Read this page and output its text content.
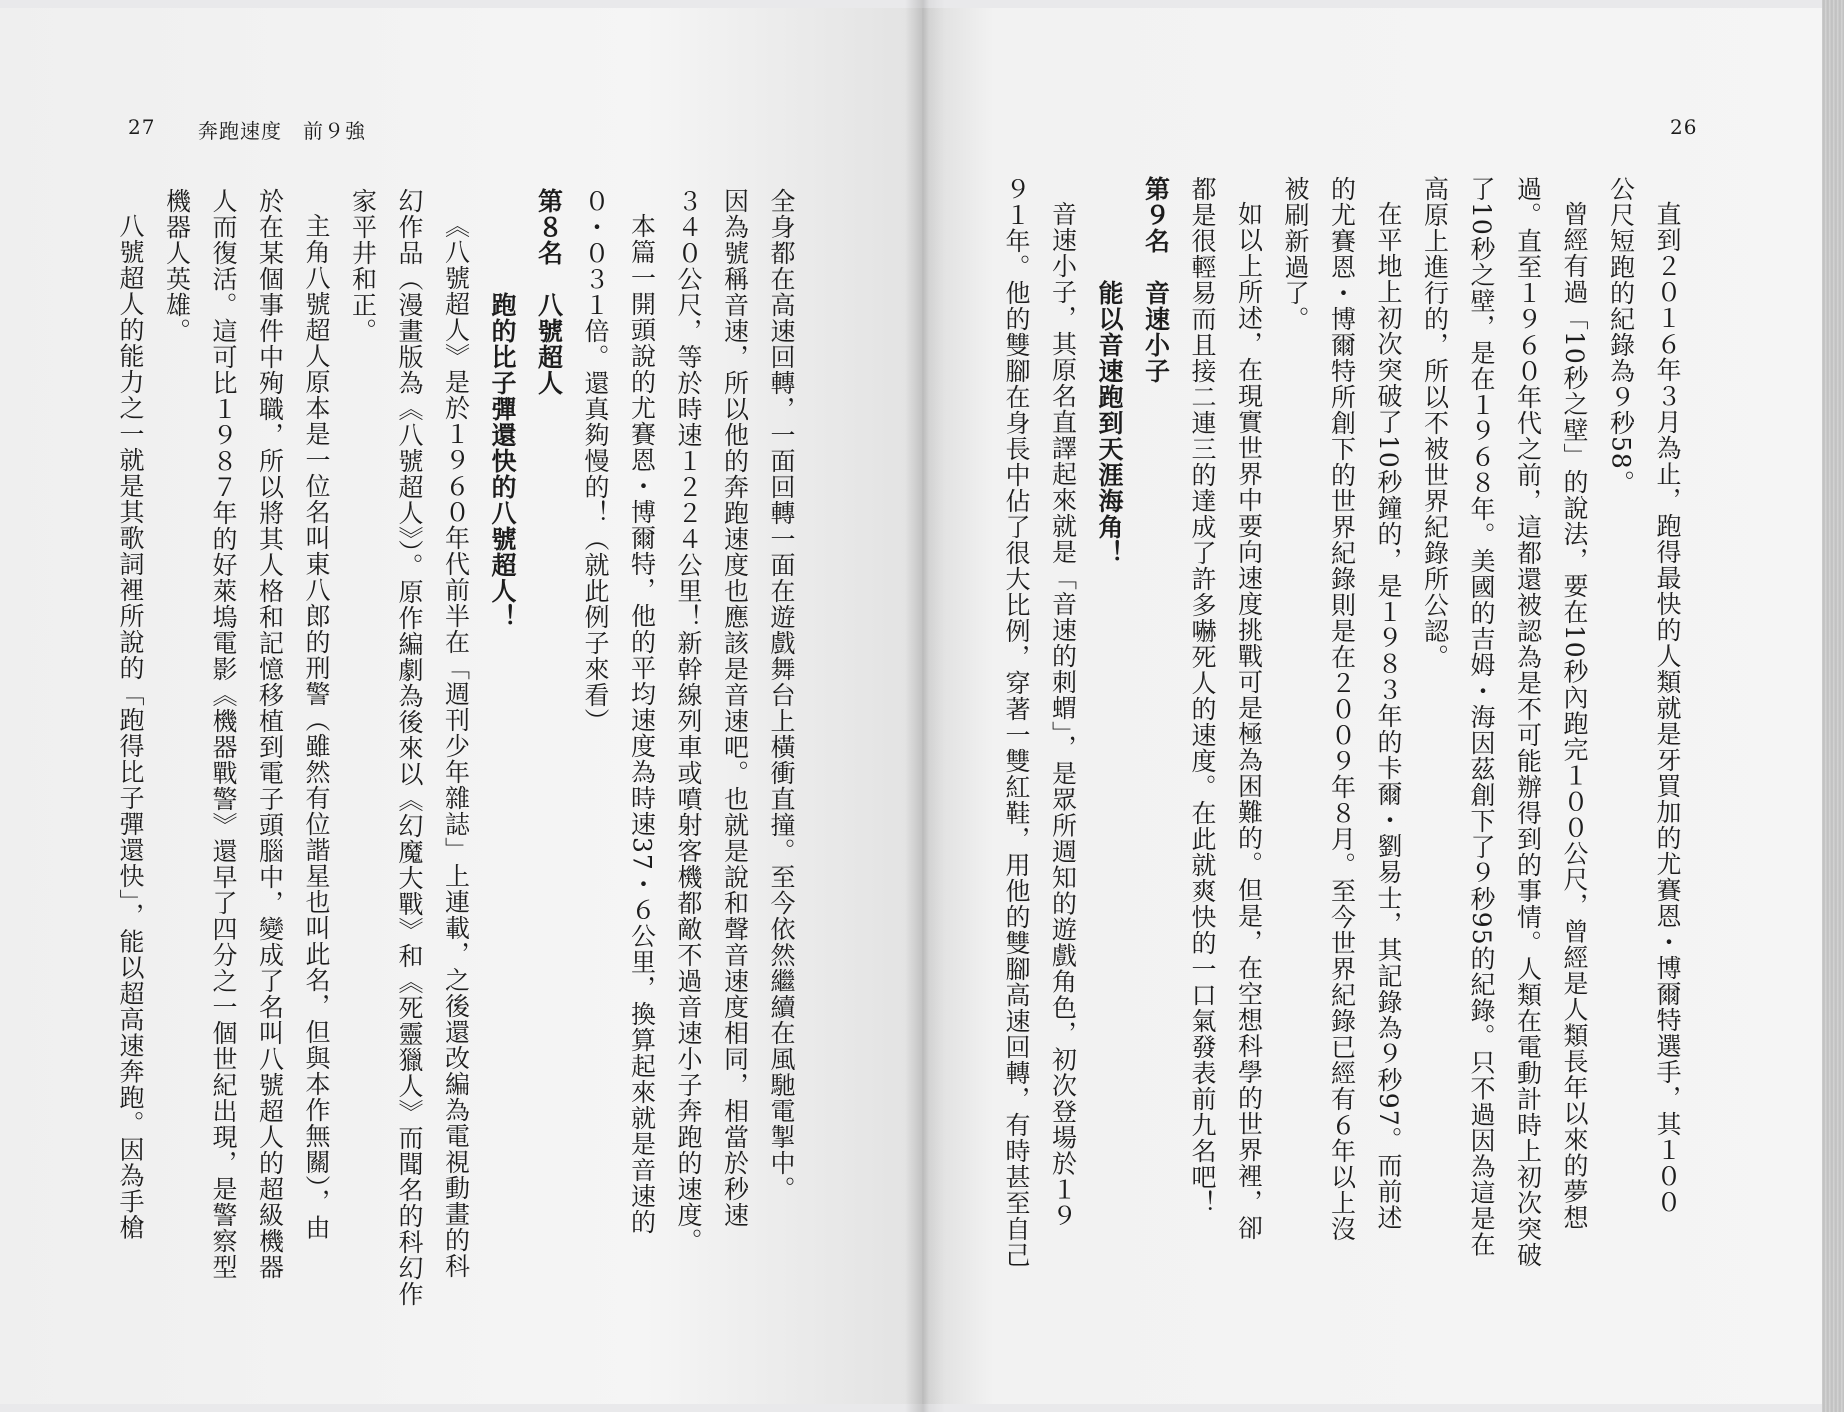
27 奔跑速度　前９強

全身都在高速回轉，一面回轉一面在遊戲舞台上橫衝直撞。至今依然繼續在風馳電掣中。

因為號稱音速，所以他的奔跑速度也應該是音速吧。也就是說和聲音速度相同，相當於秒速

３４０公尺，等於時速１２２４公里！新幹線列車或噴射客機都敵不過音速小子奔跑的速度。

本篇一開頭說的尤賽恩・博爾特，他的平均速度為時速37・６公里，換算起來就是音速的

０・０３１倍。還真夠慢的！（就此例子來看）

第８名　八號超人

　　　　跑的比子彈還快的八號超人！

《八號超人》是於１９６０年代前半在「週刊少年雜誌」上連載，之後還改編為電視動畫的科

幻作品（漫畫版為《八號超人》）。原作編劇為後來以《幻魔大戰》和《死靈獵人》而聞名的科幻作

家平井和正。

主角八號超人原本是一位名叫東八郎的刑警（雖然有位諧星也叫此名，但與本作無關），由

於在某個事件中殉職，所以將其人格和記憶移植到電子頭腦中，變成了名叫八號超人的超級機器

人而復活。這可比１９８７年的好萊塢電影《機器戰警》還早了四分之一個世紀出現，是警察型

機器人英雄。

八號超人的能力之一就是其歌詞裡所說的「跑得比子彈還快」，能以超高速奔跑。因為手槍

26

直到２０１６年３月為止，跑得最快的人類就是牙買加的尤賽恩・博爾特選手，其１００

公尺短跑的紀錄為９秒58。

曾經有過「10秒之壁」的說法，要在10秒內跑完１００公尺，曾經是人類長年以來的夢想

過。直至１９６０年代之前，這都還被認為是不可能辦得到的事情。人類在電動計時上初次突破

了10秒之壁，是在１９６８年。美國的吉姆・海因茲創下了９秒95的紀錄。只不過因為這是在

高原上進行的，所以不被世界紀錄所公認。

在平地上初次突破了10秒鐘的，是１９８３年的卡爾・劉易士，其記錄為９秒97。而前述

的尤賽恩・博爾特所創下的世界紀錄則是在２００９年８月。至今世界紀錄已經有６年以上沒

被刷新過了。

如以上所述，在現實世界中要向速度挑戰可是極為困難的。但是，在空想科學的世界裡，卻

都是很輕易而且接二連三的達成了許多嚇死人的速度。在此就爽快的一口氣發表前九名吧！

第９名　音速小子

　　　　能以音速跑到天涯海角！

音速小子，其原名直譯起來就是「音速的刺蝟」，是眾所週知的遊戲角色，初次登場於１９

９１年。他的雙腳在身長中佔了很大比例，穿著一雙紅鞋，用他的雙腳高速回轉，有時甚至自己
